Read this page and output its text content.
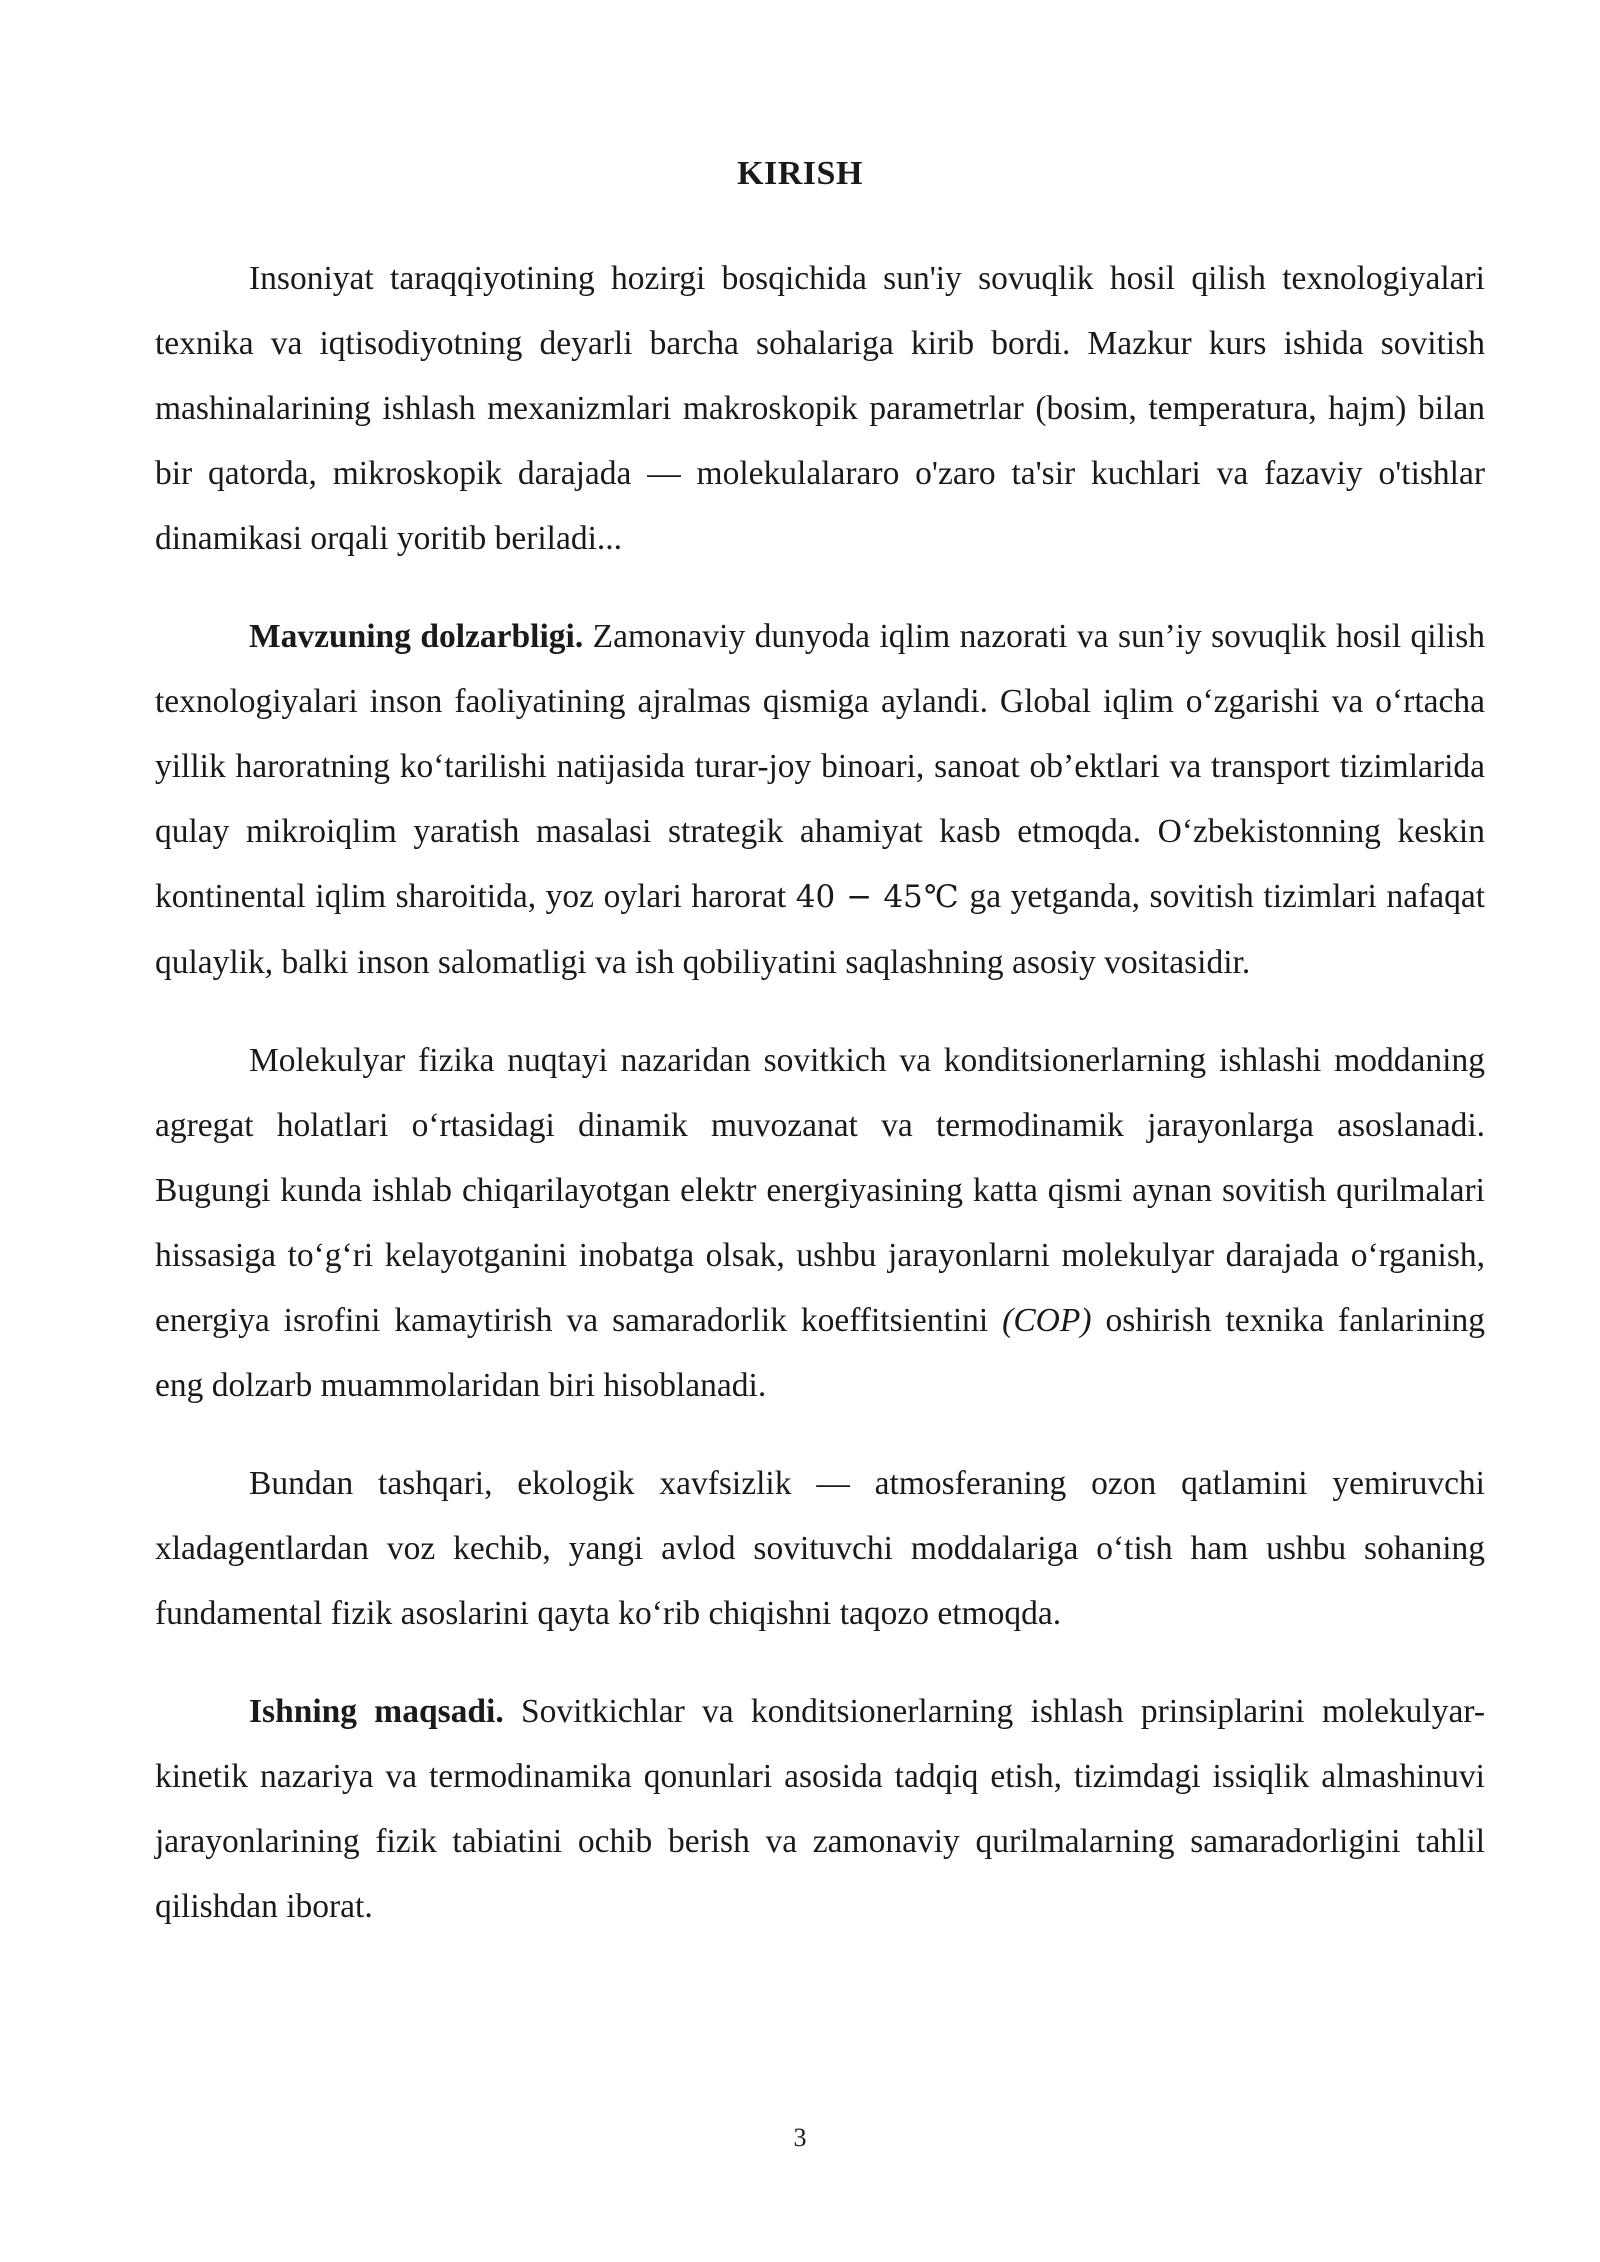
KIRISH

Insoniyat taraqqiyotining hozirgi bosqichida sun'iy sovuqlik hosil qilish texnologiyalari texnika va iqtisodiyotning deyarli barcha sohalariga kirib bordi. Mazkur kurs ishida sovitish mashinalarining ishlash mexanizmlari makroskopik parametrlar (bosim, temperatura, hajm) bilan bir qatorda, mikroskopik darajada — molekulalararo o'zaro ta'sir kuchlari va fazaviy o'tishlar dinamikasi orqali yoritib beriladi...

Mavzuning dolzarbligi. Zamonaviy dunyoda iqlim nazorati va sun’iy sovuqlik hosil qilish texnologiyalari inson faoliyatining ajralmas qismiga aylandi. Global iqlim o‘zgarishi va o‘rtacha yillik haroratning ko‘tarilishi natijasida turar-joy binoari, sanoat ob’ektlari va transport tizimlarida qulay mikroiqlim yaratish masalasi strategik ahamiyat kasb etmoqda. O‘zbekistonning keskin kontinental iqlim sharoitida, yoz oylari harorat 40 − 45℃ ga yetganda, sovitish tizimlari nafaqat qulaylik, balki inson salomatligi va ish qobiliyatini saqlashning asosiy vositasidir.

Molekulyar fizika nuqtayi nazaridan sovitkich va konditsionerlarning ishlashi moddaning agregat holatlari o‘rtasidagi dinamik muvozanat va termodinamik jarayonlarga asoslanadi. Bugungi kunda ishlab chiqarilayotgan elektr energiyasining katta qismi aynan sovitish qurilmalari hissasiga to‘g‘ri kelayotganini inobatga olsak, ushbu jarayonlarni molekulyar darajada o‘rganish, energiya isrofini kamaytirish va samaradorlik koeffitsientini (COP) oshirish texnika fanlarining eng dolzarb muammolaridan biri hisoblanadi.

Bundan tashqari, ekologik xavfsizlik — atmosferaning ozon qatlamini yemiruvchi xladagentlardan voz kechib, yangi avlod sovituvchi moddalariga o‘tish ham ushbu sohaning fundamental fizik asoslarini qayta ko‘rib chiqishni taqozo etmoqda.

Ishning maqsadi. Sovitkichlar va konditsionerlarning ishlash prinsiplarini molekulyar-kinetik nazariya va termodinamika qonunlari asosida tadqiq etish, tizimdagi issiqlik almashinuvi jarayonlarining fizik tabiatini ochib berish va zamonaviy qurilmalarning samaradorligini tahlil qilishdan iborat.

3
